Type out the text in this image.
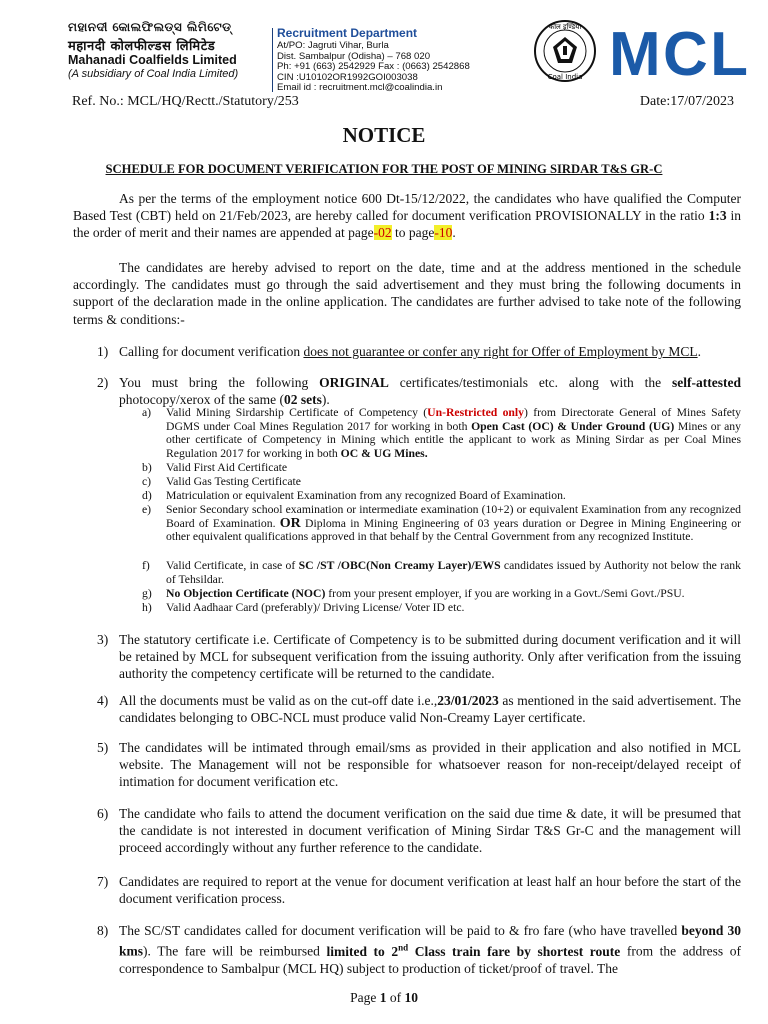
ମହାନଦୀ କୋଲଫିଲଡ୍ସ ଲିମିଟେଡ୍
महानदी कोलफील्डस लिमिटेड
Mahanadi Coalfields Limited
(A subsidiary of Coal India Limited)
Recruitment Department
At/PO: Jagruti Vihar, Burla
Dist. Sambalpur (Odisha) – 768 020
Ph: +91 (663) 2542929 Fax : (0663) 2542868
CIN :U10102OR1992GOI003038
Email id : recruitment.mcl@coalindia.in
कोल इण्डिया
Coal India MCL
Ref. No.: MCL/HQ/Rectt./Statutory/253	Date:17/07/2023
NOTICE
SCHEDULE FOR DOCUMENT VERIFICATION FOR THE POST OF MINING SIRDAR T&S GR-C
As per the terms of the employment notice 600 Dt-15/12/2022, the candidates who have qualified the Computer Based Test (CBT) held on 21/Feb/2023, are hereby called for document verification PROVISIONALLY in the ratio 1:3 in the order of merit and their names are appended at page-02 to page-10.
The candidates are hereby advised to report on the date, time and at the address mentioned in the schedule accordingly. The candidates must go through the said advertisement and they must bring the following documents in support of the declaration made in the online application. The candidates are further advised to take note of the following terms & conditions:-
1) Calling for document verification does not guarantee or confer any right for Offer of Employment by MCL.
2) You must bring the following ORIGINAL certificates/testimonials etc. along with the self-attested photocopy/xerox of the same (02 sets).
a) Valid Mining Sirdarship Certificate of Competency (Un-Restricted only) from Directorate General of Mines Safety DGMS under Coal Mines Regulation 2017 for working in both Open Cast (OC) & Under Ground (UG) Mines or any other certificate of Competency in Mining which entitle the applicant to work as Mining Sirdar as per Coal Mines Regulation 2017 for working in both OC & UG Mines.
b) Valid First Aid Certificate
c) Valid Gas Testing Certificate
d) Matriculation or equivalent Examination from any recognized Board of Examination.
e) Senior Secondary school examination or intermediate examination (10+2) or equivalent Examination from any recognized Board of Examination. OR Diploma in Mining Engineering of 03 years duration or Degree in Mining Engineering or other equivalent qualifications approved in that behalf by the Central Government from any recognized Institute.
f) Valid Certificate, in case of SC /ST /OBC(Non Creamy Layer)/EWS candidates issued by Authority not below the rank of Tehsildar.
g) No Objection Certificate (NOC) from your present employer, if you are working in a Govt./Semi Govt./PSU.
h) Valid Aadhaar Card (preferably)/ Driving License/ Voter ID etc.
3) The statutory certificate i.e. Certificate of Competency is to be submitted during document verification and it will be retained by MCL for subsequent verification from the issuing authority. Only after verification from the issuing authority the competency certificate will be returned to the candidate.
4) All the documents must be valid as on the cut-off date i.e.,23/01/2023 as mentioned in the said advertisement. The candidates belonging to OBC-NCL must produce valid Non-Creamy Layer certificate.
5) The candidates will be intimated through email/sms as provided in their application and also notified in MCL website. The Management will not be responsible for whatsoever reason for non-receipt/delayed receipt of intimation for document verification etc.
6) The candidate who fails to attend the document verification on the said due time & date, it will be presumed that the candidate is not interested in document verification of Mining Sirdar T&S Gr-C and the management will proceed accordingly without any further reference to the candidate.
7) Candidates are required to report at the venue for document verification at least half an hour before the start of the document verification process.
8) The SC/ST candidates called for document verification will be paid to & fro fare (who have travelled beyond 30 kms). The fare will be reimbursed limited to 2nd Class train fare by shortest route from the address of correspondence to Sambalpur (MCL HQ) subject to production of ticket/proof of travel. The
Page 1 of 10
